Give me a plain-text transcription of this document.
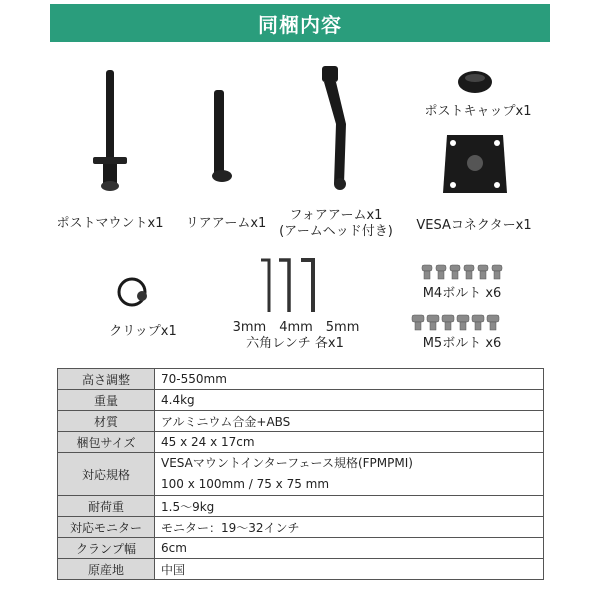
同梱内容
ポストマウントx1	リアアームx1
フォアアームx1
(アームヘッド付き)
ポストキャップx1
VESAコネクターx1
クリップx1	3mm　4mm　5mm
六角レンチ 各x1
M4ボルト x6
M5ボルト x6
高さ調整	70-550mm
重量	4.4kg
材質	アルミニウム合金+ABS
梱包サイズ	45 x 24 x 17cm
対応規格	VESAマウントインターフェース規格(FPMPMI)
100 x 100mm / 75 x 75 mm

耐荷重	1.5～9kg
対応モニター	モニター：19～32インチ
クランプ幅	6cm
原産地	中国
